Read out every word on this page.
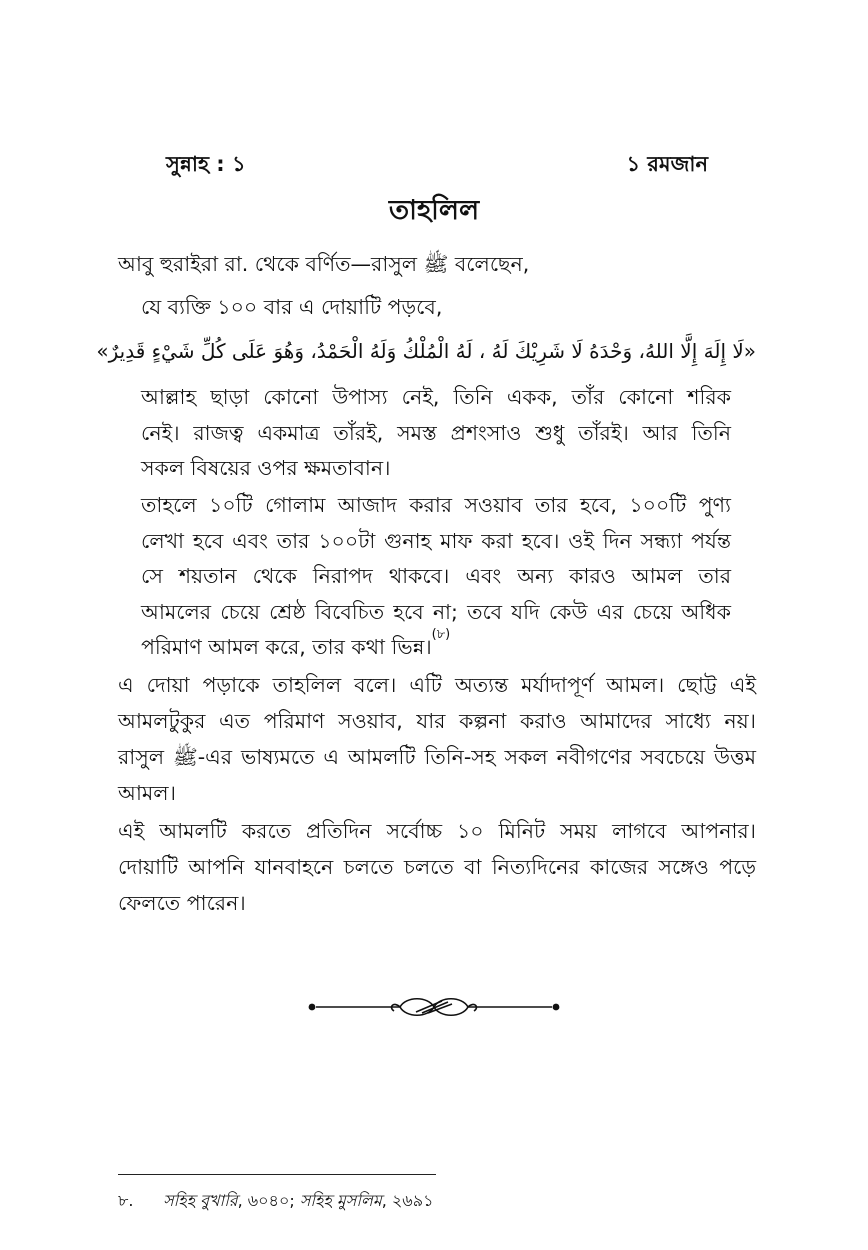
সুন্নাহ : ১	১ রমজান
তাহলিল
আবু হুরাইরা রা. থেকে বর্ণিত—রাসুল ﷺ বলেছেন,
যে ব্যক্তি ১০০ বার এ দোয়াটি পড়বে,
«لَا إِلَهَ إِلَّا اللهُ، وَحْدَهُ لَا شَرِيْكَ لَهُ ، لَهُ الْمُلْكُ وَلَهُ الْحَمْدُ، وَهُوَ عَلَى كُلِّ شَيْءٍ قَدِيرٌ»
আল্লাহ ছাড়া কোনো উপাস্য নেই, তিনি একক, তাঁর কোনো শরিক
নেই। রাজত্ব একমাত্র তাঁরই, সমস্ত প্রশংসাও শুধু তাঁরই। আর তিনি
সকল বিষয়ের ওপর ক্ষমতাবান।
তাহলে ১০টি গোলাম আজাদ করার সওয়াব তার হবে, ১০০টি পুণ্য
লেখা হবে এবং তার ১০০টা গুনাহ মাফ করা হবে। ওই দিন সন্ধ্যা পর্যন্ত
সে শয়তান থেকে নিরাপদ থাকবে। এবং অন্য কারও আমল তার
আমলের চেয়ে শ্রেষ্ঠ বিবেচিত হবে না; তবে যদি কেউ এর চেয়ে অধিক
পরিমাণ আমল করে, তার কথা ভিন্ন।$^{(৮)}$
এ দোয়া পড়াকে তাহলিল বলে। এটি অত্যন্ত মর্যাদাপূর্ণ আমল। ছোট্ট এই
আমলটুকুর এত পরিমাণ সওয়াব, যার কল্পনা করাও আমাদের সাধ্যে নয়।
রাসুল ﷺ-এর ভাষ্যমতে এ আমলটি তিনি-সহ সকল নবীগণের সবচেয়ে উত্তম
আমল।
এই আমলটি করতে প্রতিদিন সর্বোচ্চ ১০ মিনিট সময় লাগবে আপনার।
দোয়াটি আপনি যানবাহনে চলতে চলতে বা নিত্যদিনের কাজের সঙ্গেও পড়ে
ফেলতে পারেন।
৮. সহিহ বুখারি, ৬০৪০; সহিহ মুসলিম, ২৬৯১
